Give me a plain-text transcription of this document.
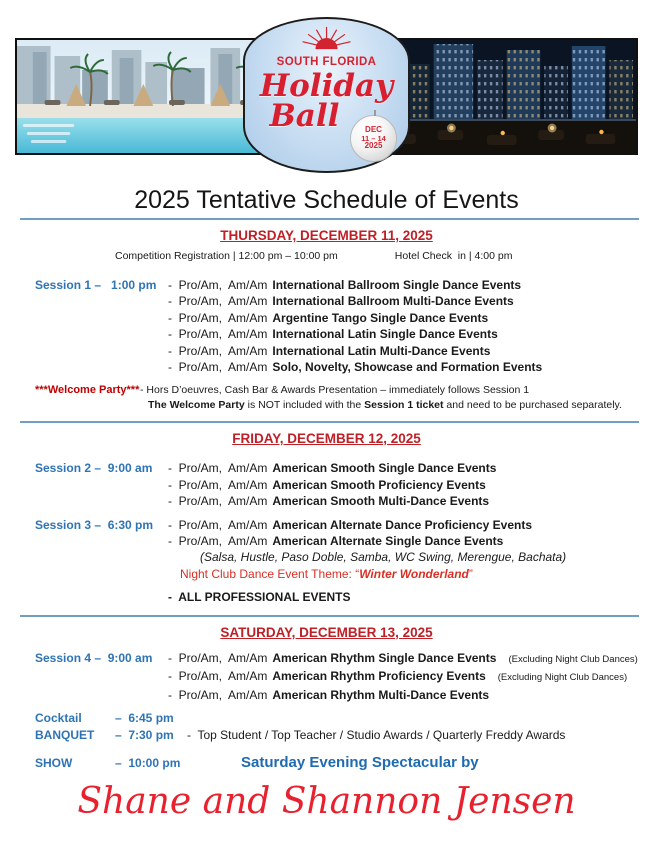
SOUTH FLORIDA
Holiday
Ball	DEC
11 – 14
2025
2025 Tentative Schedule of Events
THURSDAY, DECEMBER 11, 2025
Competition Registration | 12:00 pm – 10:00 pm	Hotel Check  in | 4:00 pm
Session 1 –   1:00 pm -  Pro/Am,  Am/Am International Ballroom Single Dance Events
-  Pro/Am,  Am/Am International Ballroom Multi-Dance Events
-  Pro/Am,  Am/Am Argentine Tango Single Dance Events
-  Pro/Am,  Am/Am International Latin Single Dance Events
-  Pro/Am,  Am/Am International Latin Multi-Dance Events
-  Pro/Am,  Am/Am Solo, Novelty, Showcase and Formation Events
***Welcome Party*** - Hors D’oeuvres, Cash Bar & Awards Presentation – immediately follows Session 1
The Welcome Party is NOT included with the Session 1 ticket and need to be purchased separately.
FRIDAY, DECEMBER 12, 2025
Session 2 –  9:00 am	-  Pro/Am,  Am/Am American Smooth Single Dance Events
-  Pro/Am,  Am/Am American Smooth Proficiency Events
-  Pro/Am,  Am/Am American Smooth Multi-Dance Events
Session 3 –  6:30 pm	-  Pro/Am,  Am/Am American Alternate Dance Proficiency Events
-  Pro/Am,  Am/Am American Alternate Single Dance Events
(Salsa, Hustle, Paso Doble, Samba, WC Swing, Merengue, Bachata)
Night Club Dance Event Theme: “Winter Wonderland”
-  ALL PROFESSIONAL EVENTS
SATURDAY, DECEMBER 13, 2025
Session 4 –  9:00 am	-  Pro/Am,  Am/Am American Rhythm Single Dance Events (Excluding Night Club Dances)
-  Pro/Am,  Am/Am American Rhythm Proficiency Events (Excluding Night Club Dances)
-  Pro/Am,  Am/Am American Rhythm Multi-Dance Events
Cocktail	–  6:45 pm
BANQUET	–  7:30 pm -  Top Student / Top Teacher / Studio Awards / Quarterly Freddy Awards
SHOW	–  10:00 pm	Saturday Evening Spectacular by
Shane and Shannon Jensen
